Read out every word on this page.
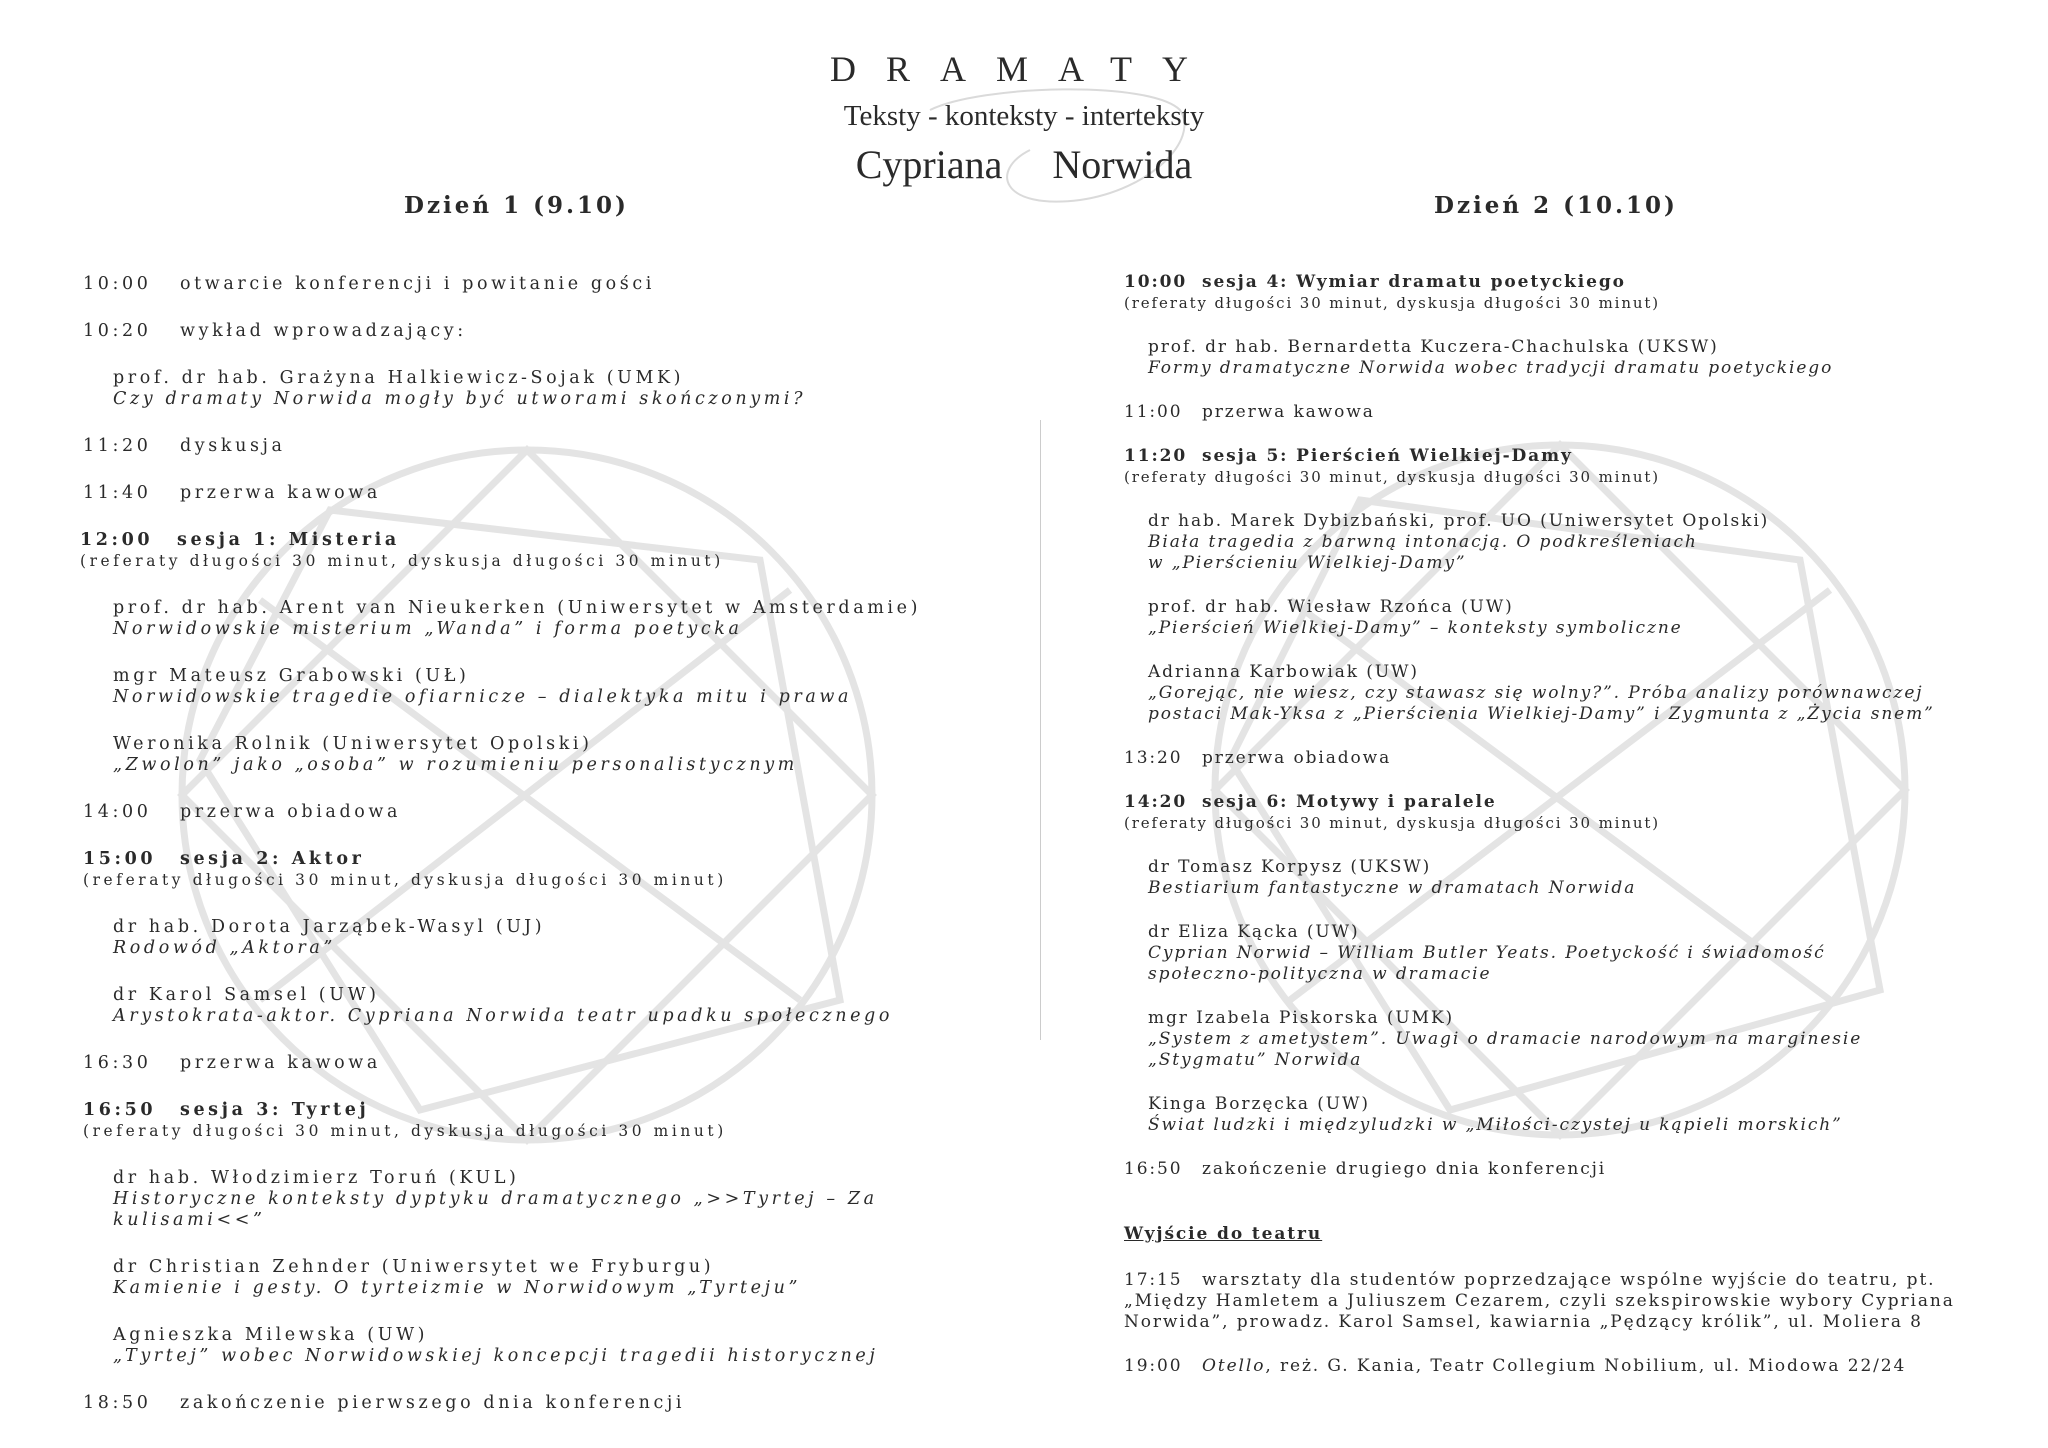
DRAMATY
Teksty - konteksty - interteksty
Cypriana Norwida
Dzień 1 (9.10)	Dzień 2 (10.10)
10:00 otwarcie konferencji i powitanie gości
10:20 wykład wprowadzający:
prof. dr hab. Grażyna Halkiewicz-Sojak (UMK)
Czy dramaty Norwida mogły być utworami skończonymi?
11:20 dyskusja
11:40 przerwa kawowa
12:00 sesja 1: Misteria
(referaty długości 30 minut, dyskusja długości 30 minut)
prof. dr hab. Arent van Nieukerken (Uniwersytet w Amsterdamie)
Norwidowskie misterium „Wanda” i forma poetycka
mgr Mateusz Grabowski (UŁ)
Norwidowskie tragedie ofiarnicze – dialektyka mitu i prawa
Weronika Rolnik (Uniwersytet Opolski)
„Zwolon” jako „osoba” w rozumieniu personalistycznym
14:00 przerwa obiadowa
15:00 sesja 2: Aktor
(referaty długości 30 minut, dyskusja długości 30 minut)
dr hab. Dorota Jarząbek-Wasyl (UJ)
Rodowód „Aktora”
dr Karol Samsel (UW)
Arystokrata-aktor. Cypriana Norwida teatr upadku społecznego
16:30 przerwa kawowa
16:50 sesja 3: Tyrtej
(referaty długości 30 minut, dyskusja długości 30 minut)
dr hab. Włodzimierz Toruń (KUL)
Historyczne konteksty dyptyku dramatycznego „>>Tyrtej – Za kulisami<<”
dr Christian Zehnder (Uniwersytet we Fryburgu)
Kamienie i gesty. O tyrteizmie w Norwidowym „Tyrteju”
Agnieszka Milewska (UW)
„Tyrtej” wobec Norwidowskiej koncepcji tragedii historycznej
18:50 zakończenie pierwszego dnia konferencji
10:00 sesja 4: Wymiar dramatu poetyckiego
(referaty długości 30 minut, dyskusja długości 30 minut)
prof. dr hab. Bernardetta Kuczera-Chachulska (UKSW)
Formy dramatyczne Norwida wobec tradycji dramatu poetyckiego
11:00 przerwa kawowa
11:20 sesja 5: Pierścień Wielkiej-Damy
(referaty długości 30 minut, dyskusja długości 30 minut)
dr hab. Marek Dybizbański, prof. UO (Uniwersytet Opolski)
Biała tragedia z barwną intonacją. O podkreśleniach
w „Pierścieniu Wielkiej-Damy”
prof. dr hab. Wiesław Rzońca (UW)
„Pierścień Wielkiej-Damy” – konteksty symboliczne
Adrianna Karbowiak (UW)
„Gorejąc, nie wiesz, czy stawasz się wolny?”. Próba analizy porównawczej
postaci Mak-Yksa z „Pierścienia Wielkiej-Damy” i Zygmunta z „Życia snem”
13:20 przerwa obiadowa
14:20 sesja 6: Motywy i paralele
(referaty długości 30 minut, dyskusja długości 30 minut)
dr Tomasz Korpysz (UKSW)
Bestiarium fantastyczne w dramatach Norwida
dr Eliza Kącka (UW)
Cyprian Norwid – William Butler Yeats. Poetyckość i świadomość
społeczno-polityczna w dramacie
mgr Izabela Piskorska (UMK)
„System z ametystem”. Uwagi o dramacie narodowym na marginesie
„Stygmatu” Norwida
Kinga Borzęcka (UW)
Świat ludzki i międzyludzki w „Miłości-czystej u kąpieli morskich”
16:50 zakończenie drugiego dnia konferencji
Wyjście do teatru
17:15 warsztaty dla studentów poprzedzające wspólne wyjście do teatru, pt.
„Między Hamletem a Juliuszem Cezarem, czyli szekspirowskie wybory Cypriana
Norwida”, prowadz. Karol Samsel, kawiarnia „Pędzący królik”, ul. Moliera 8
19:00 Otello, reż. G. Kania, Teatr Collegium Nobilium, ul. Miodowa 22/24
